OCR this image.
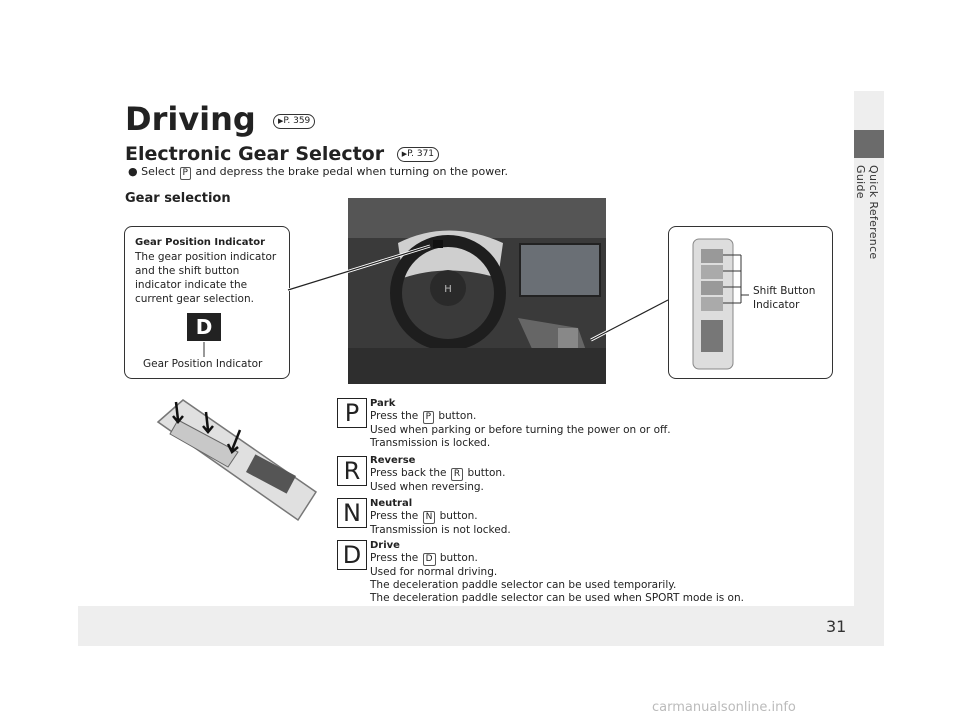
Quick Reference Guide
31
Driving	▶P. 359
Electronic Gear Selector	▶P. 371
● Select P and depress the brake pedal when turning on the power.
Gear selection
Gear Position Indicator
The gear position indicator and the shift button indicator indicate the current gear selection.
D
Gear Position Indicator
H	Shift Button
Indicator
P	Park
Press the P button.
Used when parking or before turning the power on or off.
Transmission is locked.
R Reverse
Press back the R button.
Used when reversing.
N Neutral
Press the N button.
Transmission is not locked.
D Drive
Press the D button.
Used for normal driving.
The deceleration paddle selector can be used temporarily.
The deceleration paddle selector can be used when SPORT mode is on.
carmanualsonline.info
